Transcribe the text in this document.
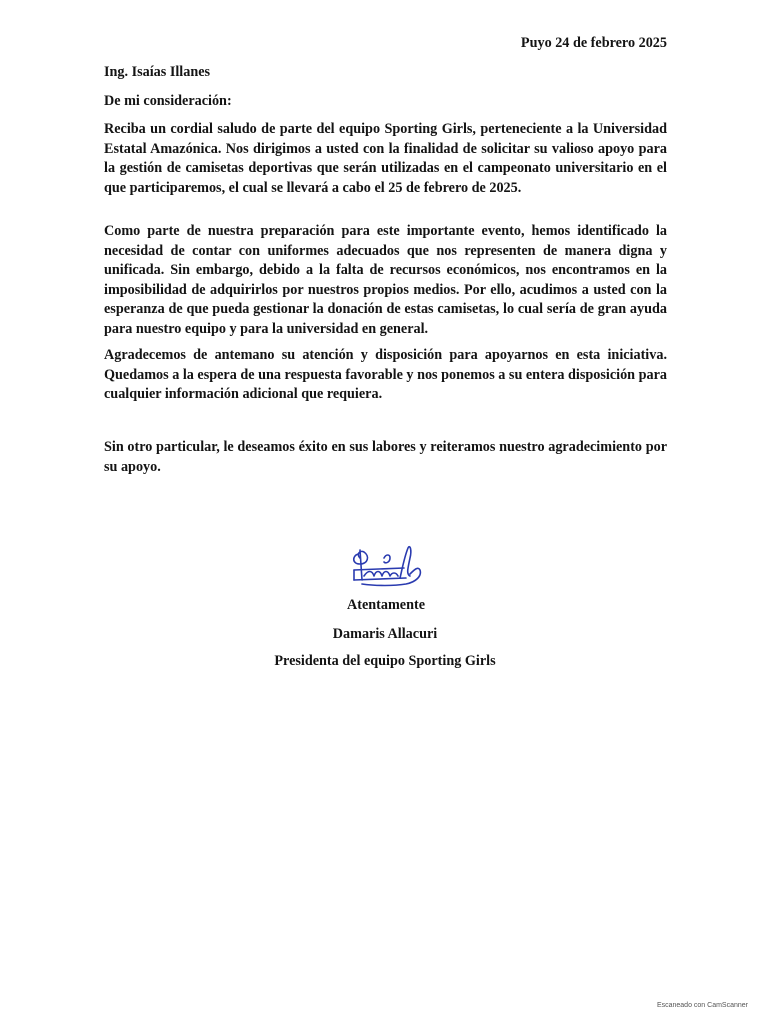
Puyo 24 de febrero 2025
Ing. Isaías Illanes
De mi consideración:

Reciba un cordial saludo de parte del equipo Sporting Girls, perteneciente a la Universidad Estatal Amazónica. Nos dirigimos a usted con la finalidad de solicitar su valioso apoyo para la gestión de camisetas deportivas que serán utilizadas en el campeonato universitario en el que participaremos, el cual se llevará a cabo el 25 de febrero de 2025.

Como parte de nuestra preparación para este importante evento, hemos identificado la necesidad de contar con uniformes adecuados que nos representen de manera digna y unificada. Sin embargo, debido a la falta de recursos económicos, nos encontramos en la imposibilidad de adquirirlos por nuestros propios medios. Por ello, acudimos a usted con la esperanza de que pueda gestionar la donación de estas camisetas, lo cual sería de gran ayuda para nuestro equipo y para la universidad en general.

Agradecemos de antemano su atención y disposición para apoyarnos en esta iniciativa. Quedamos a la espera de una respuesta favorable y nos ponemos a su entera disposición para cualquier información adicional que requiera.

Sin otro particular, le deseamos éxito en sus labores y reiteramos nuestro agradecimiento por su apoyo.

Damaris
Atentamente
Damaris Allacuri
Presidenta del equipo Sporting Girls
Escaneado con CamScanner
